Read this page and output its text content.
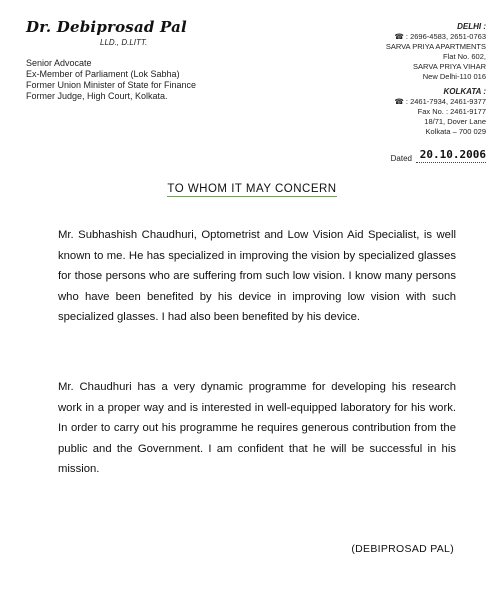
Dr. Debiprosad Pal
LLD., D.LITT.
Senior Advocate
Ex-Member of Parliament (Lok Sabha)
Former Union Minister of State for Finance
Former Judge, High Court, Kolkata.
DELHI :
☎ : 2696-4583, 2651-0763
SARVA PRIYA APARTMENTS
Flat No. 602,
SARVA PRIYA VIHAR
New Delhi-110 016
KOLKATA :
☎ : 2461-7934, 2461-9377
Fax No. : 2461-9177
18/71, Dover Lane
Kolkata – 700 029
Dated 20.10.2006
TO WHOM IT MAY CONCERN
Mr. Subhashish Chaudhuri, Optometrist and Low Vision Aid Specialist, is well known to me. He has specialized in improving the vision by specialized glasses for those persons who are suffering from such low vision. I know many persons who have been benefited by his device in improving low vision with such specialized glasses. I had also been benefited by his device.
Mr. Chaudhuri has a very dynamic programme for developing his research work in a proper way and is interested in well-equipped laboratory for his work. In order to carry out his programme he requires generous contribution from the public and the Government. I am confident that he will be successful in his mission.
(DEBIPROSAD PAL)
